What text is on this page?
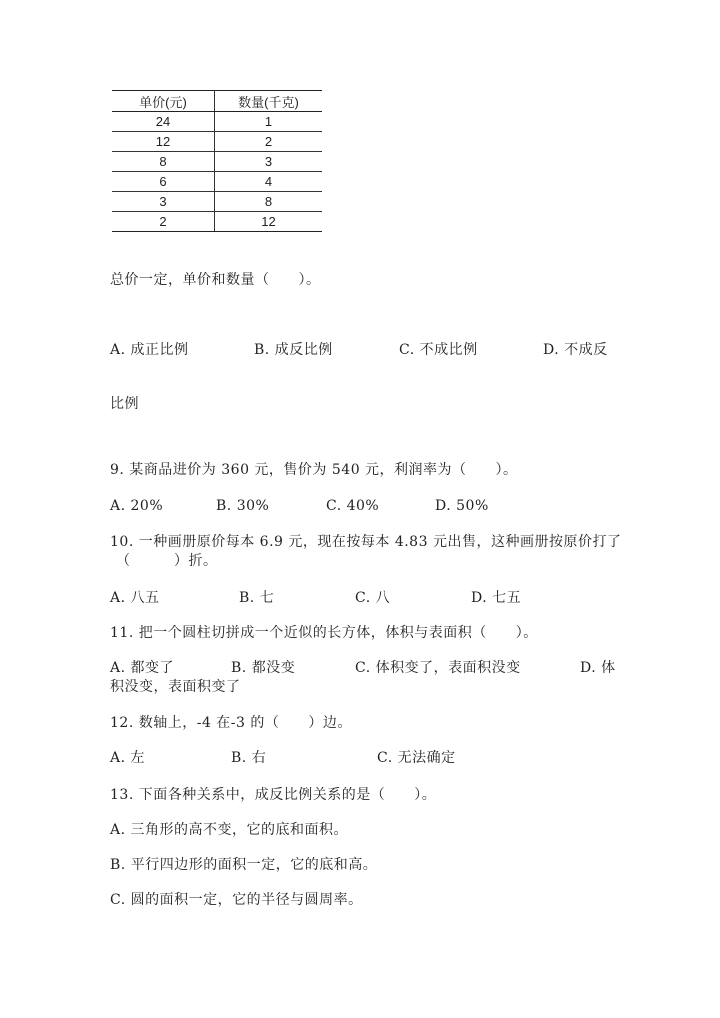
单价(元)	数量(千克)
24	1
12	2
8	3
6	4
3	8
2	12
总价一定，单价和数量（　　）。
A. 成正比例	B. 成反比例	C. 不成比例	D. 不成反
比例
9. 某商品进价为 360 元，售价为 540 元，利润率为（　　）。
A. 20%	B. 30%	C. 40%	D. 50%
10. 一种画册原价每本 6.9 元，现在按每本 4.83 元出售，这种画册按原价打了
（　　　）折。
A. 八五	B. 七	C. 八	D. 七五
11. 把一个圆柱切拼成一个近似的长方体，体积与表面积（　　）。
A. 都变了	B. 都没变	C. 体积变了，表面积没变	D. 体
积没变，表面积变了
12. 数轴上，-4 在-3 的（　　）边。
A. 左	B. 右	C. 无法确定
13. 下面各种关系中，成反比例关系的是（　　）。
A. 三角形的高不变，它的底和面积。
B. 平行四边形的面积一定，它的底和高。
C. 圆的面积一定，它的半径与圆周率。
